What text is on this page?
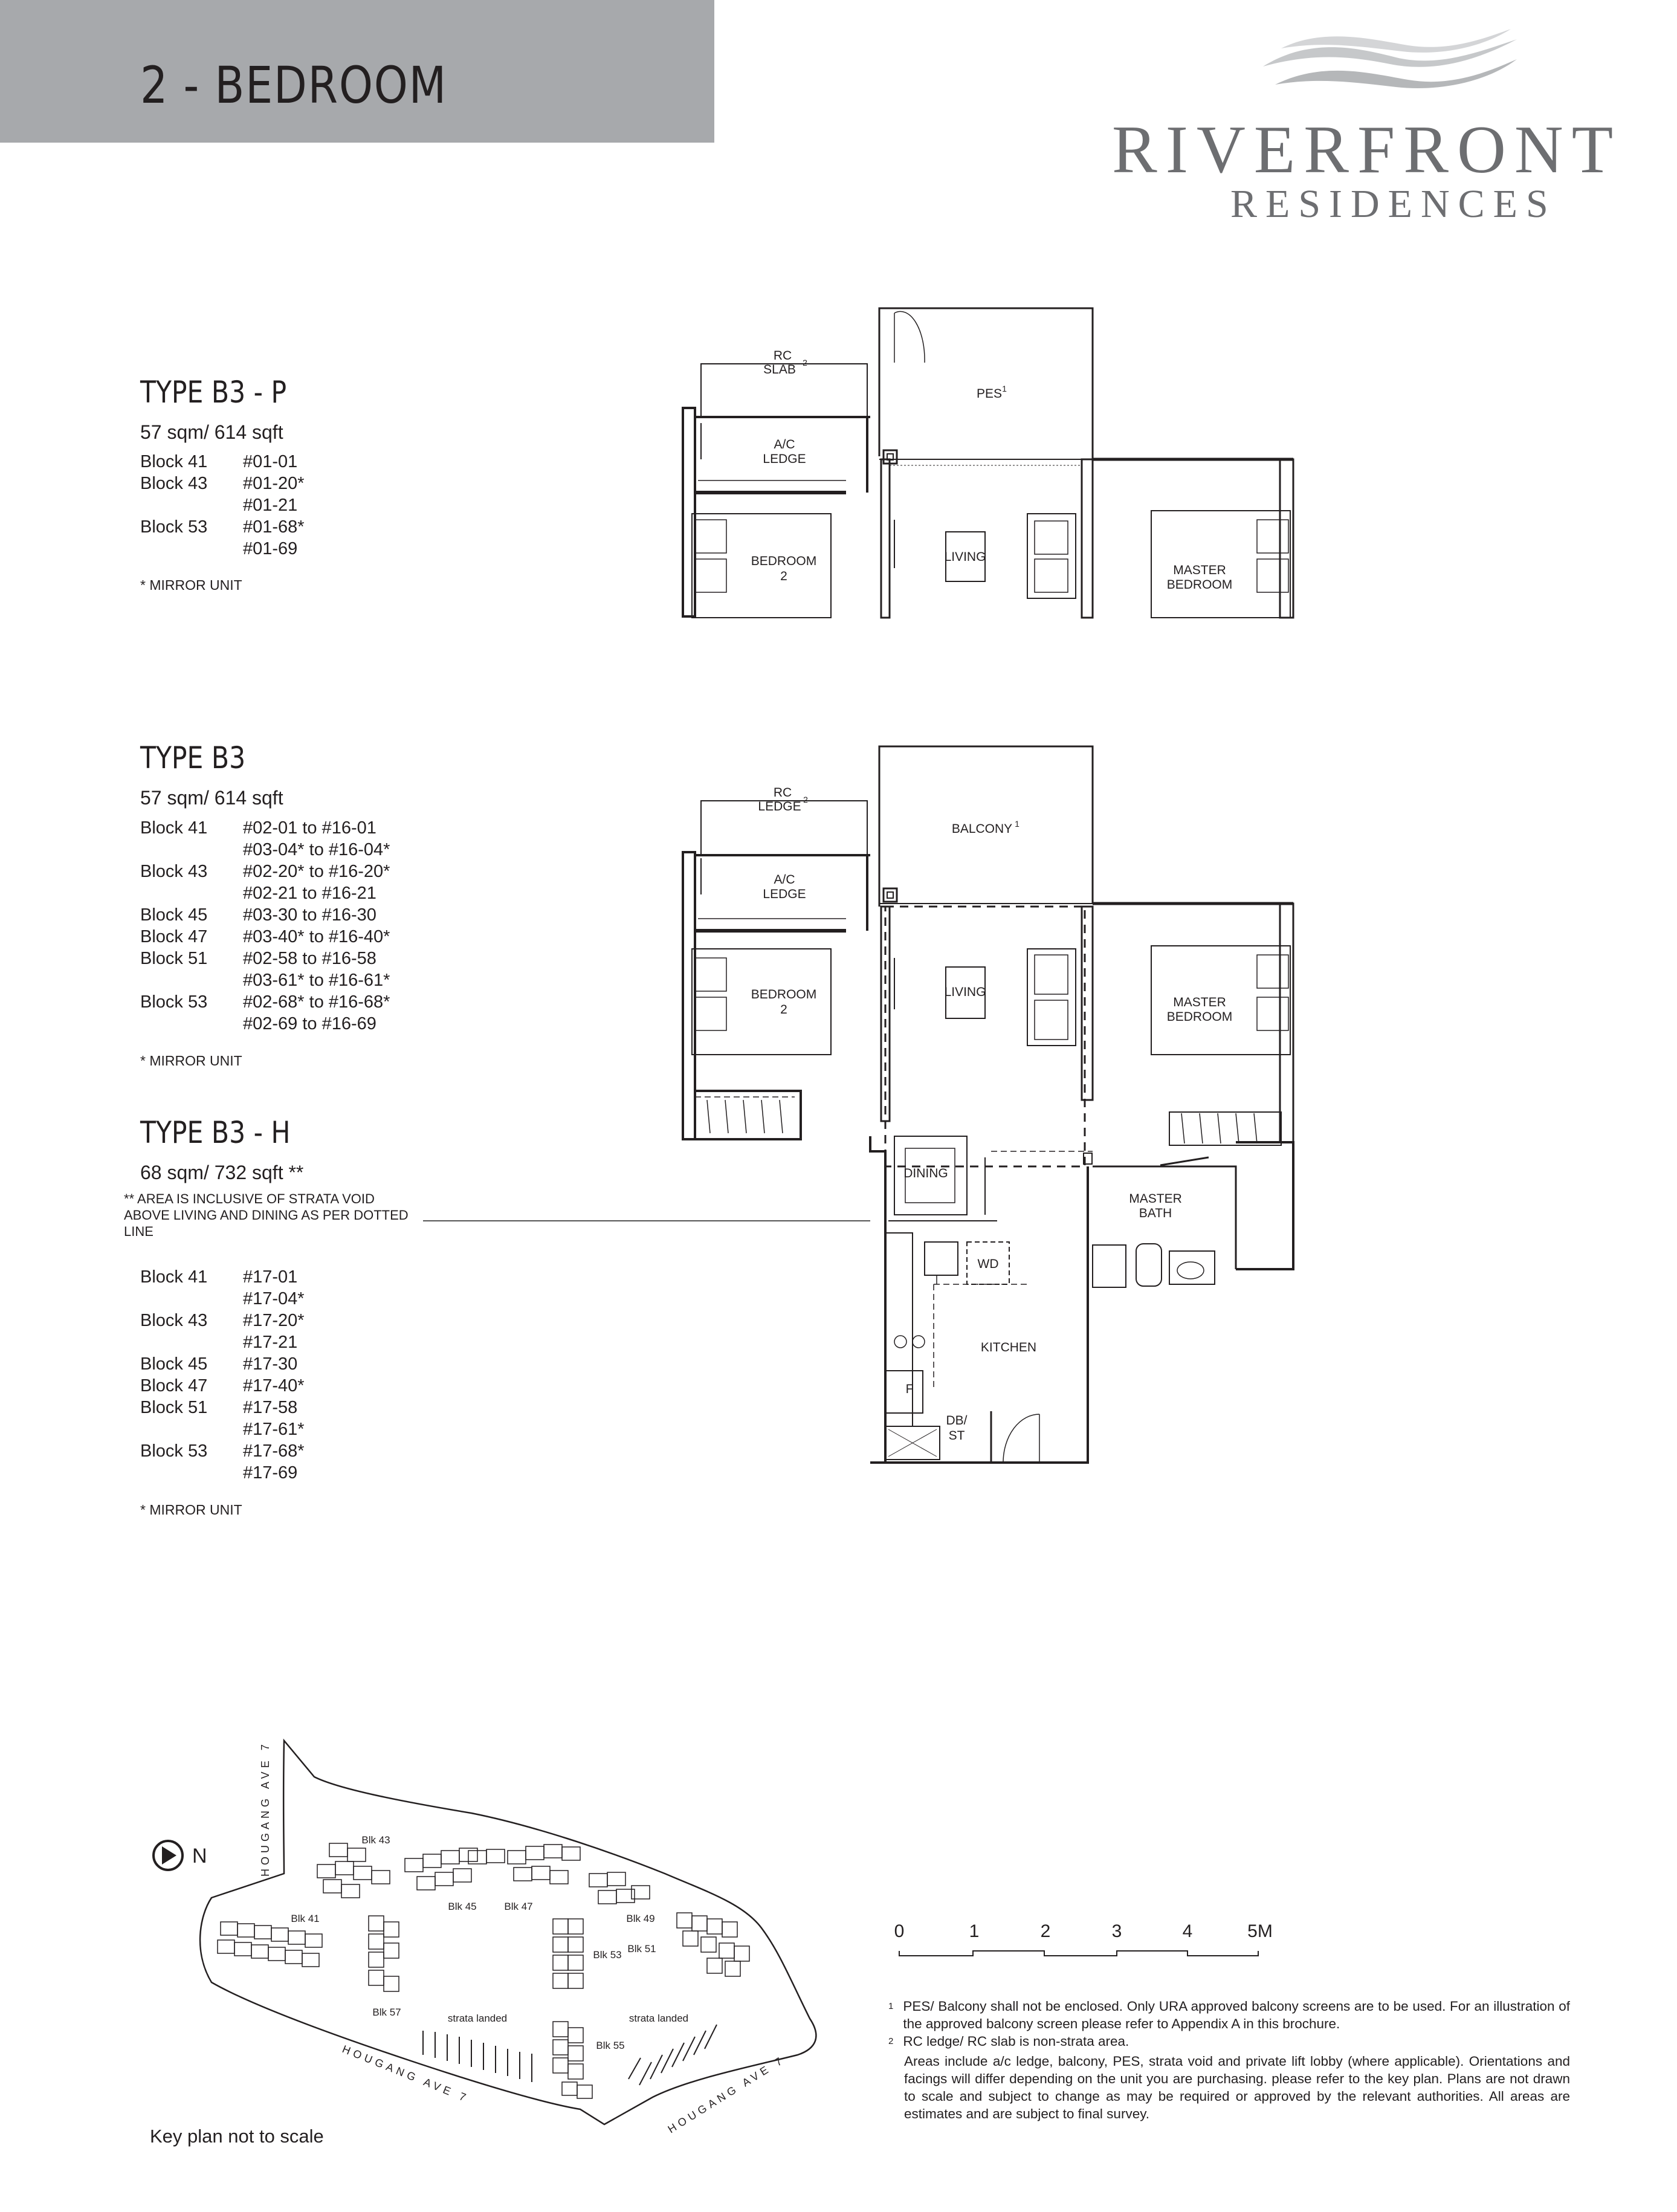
2 - BEDROOM
RIVERFRONT
RESIDENCES
TYPE B3 - P
57 sqm/ 614 sqft
Block 41	#01-01
Block 43	#01-20*
	#01-21
Block 53	#01-68*
	#01-69
* MIRROR UNIT
TYPE B3
57 sqm/ 614 sqft
Block 41	#02-01 to #16-01
	#03-04* to #16-04*
Block 43	#02-20* to #16-20*
	#02-21 to #16-21
Block 45	#03-30 to #16-30
Block 47	#03-40* to #16-40*
Block 51	#02-58 to #16-58
	#03-61* to #16-61*
Block 53	#02-68* to #16-68*
	#02-69 to #16-69
* MIRROR UNIT
TYPE B3 - H
68 sqm/ 732 sqft **
** AREA IS INCLUSIVE OF STRATA VOID ABOVE LIVING AND DINING AS PER DOTTED LINE
Block 41	#17-01
	#17-04*
Block 43	#17-20*
	#17-21
Block 45	#17-30
Block 47	#17-40*
Block 51	#17-58
	#17-61*
Block 53	#17-68*
	#17-69
* MIRROR UNIT
RC
SLAB 2
PES 1
A/C
LEDGE
BEDROOM
2
LIVING
MASTER
BEDROOM
RC
LEDGE 2
BALCONY 1
A/C
LEDGE
BEDROOM
2
LIVING
MASTER
BEDROOM
DINING
MASTER
BATH
WD
KITCHEN
F
DB/
ST
N	HOUGANG AVE 7
HOUGANG AVE 7	HOUGANG AVE 7
Blk 43
Blk 41
Blk 45	Blk 47
Blk 49
Blk 51
Blk 53
Blk 55
Blk 57
strata landed	strata landed
Key plan not to scale
0	1	2	3	4	5M
1 PES/ Balcony shall not be enclosed. Only URA approved balcony screens are to be used. For an illustration of the approved balcony screen please refer to Appendix A in this brochure.
2 RC ledge/ RC slab is non-strata area.
Areas include a/c ledge, balcony, PES, strata void and private lift lobby (where applicable). Orientations and facings will differ depending on the unit you are purchasing. please refer to the key plan. Plans are not drawn to scale and subject to change as may be required or approved by the relevant authorities. All areas are estimates and are subject to final survey.
